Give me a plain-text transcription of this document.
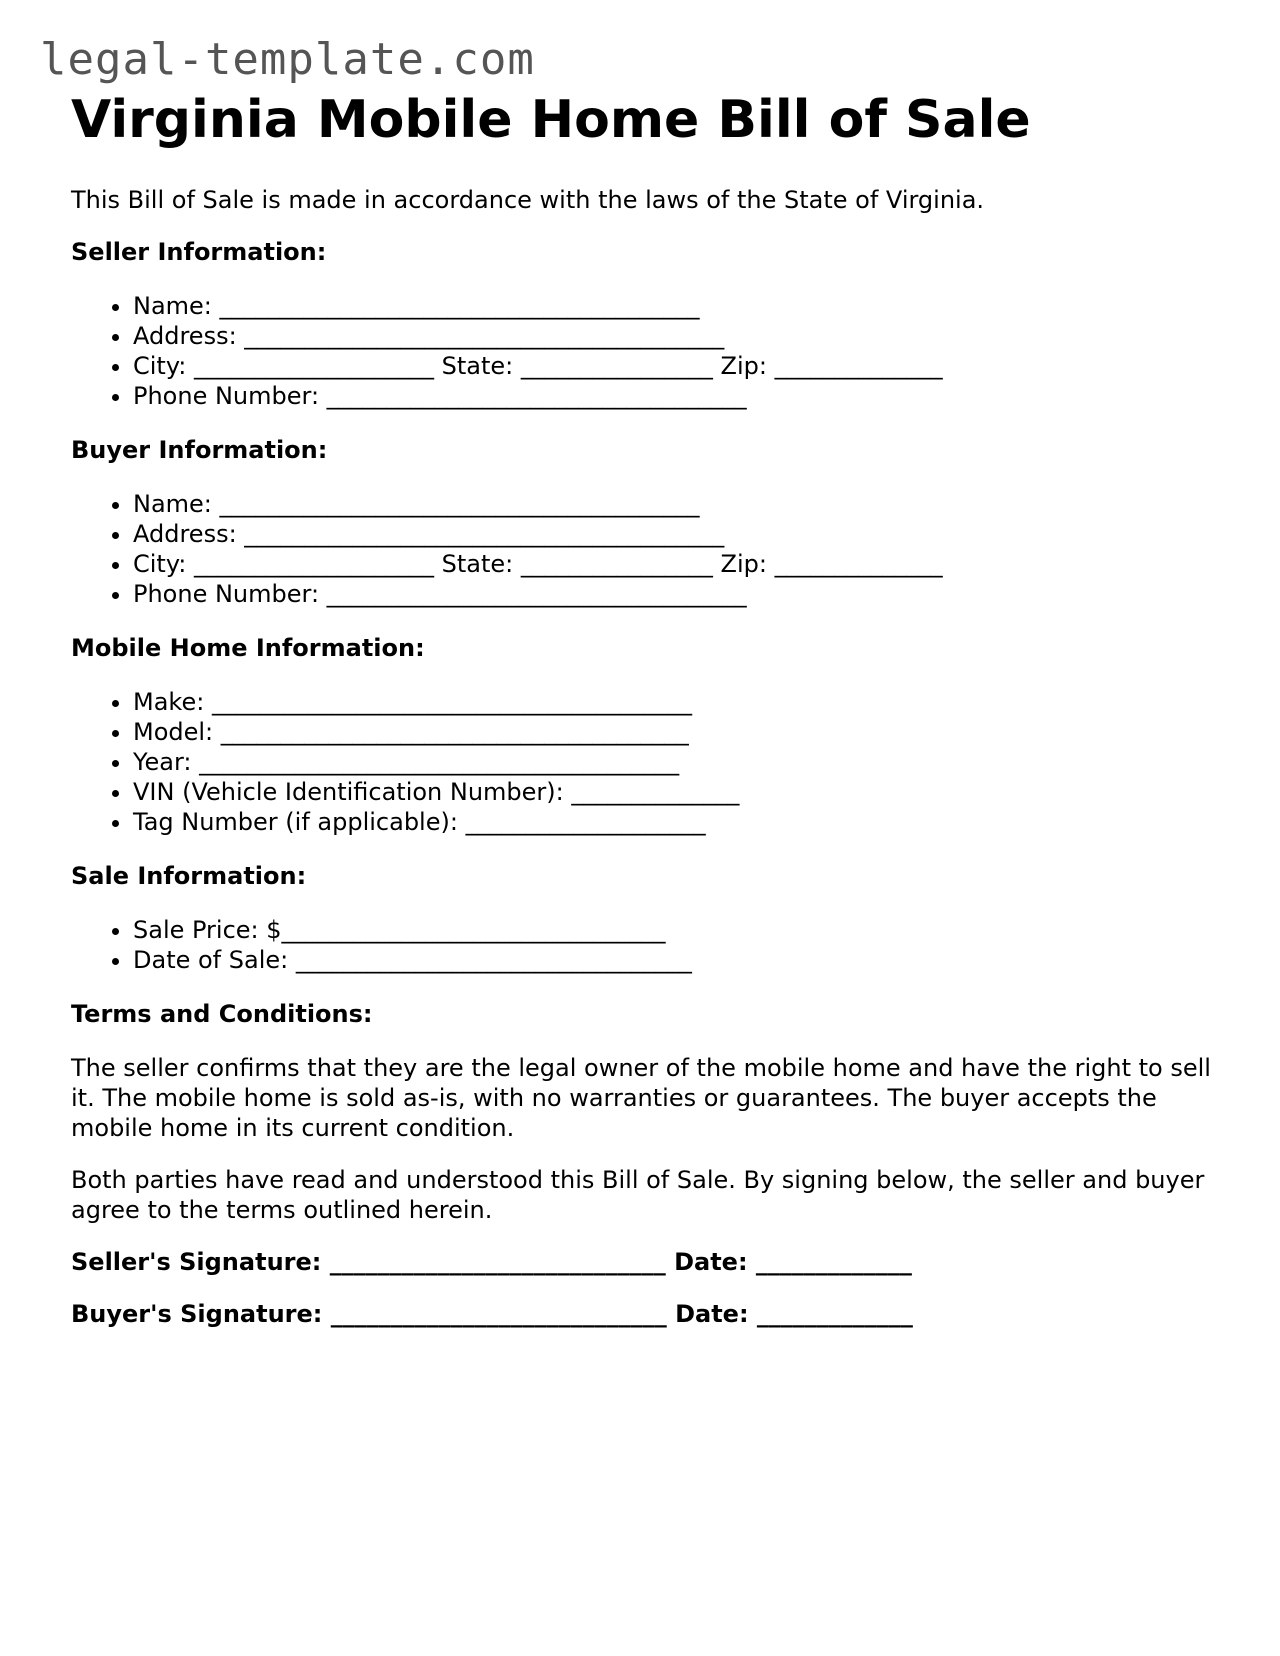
legal-template.com
Virginia Mobile Home Bill of Sale

This Bill of Sale is made in accordance with the laws of the State of Virginia.

Seller Information:
• Name: ________________________________________
• Address: ________________________________________
• City: ____________________ State: ________________ Zip: ______________
• Phone Number: ___________________________________
Buyer Information:
• Name: ________________________________________
• Address: ________________________________________
• City: ____________________ State: ________________ Zip: ______________
• Phone Number: ___________________________________
Mobile Home Information:
• Make: ________________________________________
• Model: _______________________________________
• Year: ________________________________________
• VIN (Vehicle Identification Number): ______________
• Tag Number (if applicable): ____________________
Sale Information:
• Sale Price: $________________________________
• Date of Sale: _________________________________
Terms and Conditions:

The seller confirms that they are the legal owner of the mobile home and have the right to sell it. The mobile home is sold as-is, with no warranties or guarantees. The buyer accepts the mobile home in its current condition.

Both parties have read and understood this Bill of Sale. By signing below, the seller and buyer agree to the terms outlined herein.

Seller's Signature: ____________________________ Date: _____________
Buyer's Signature: ____________________________ Date: _____________
